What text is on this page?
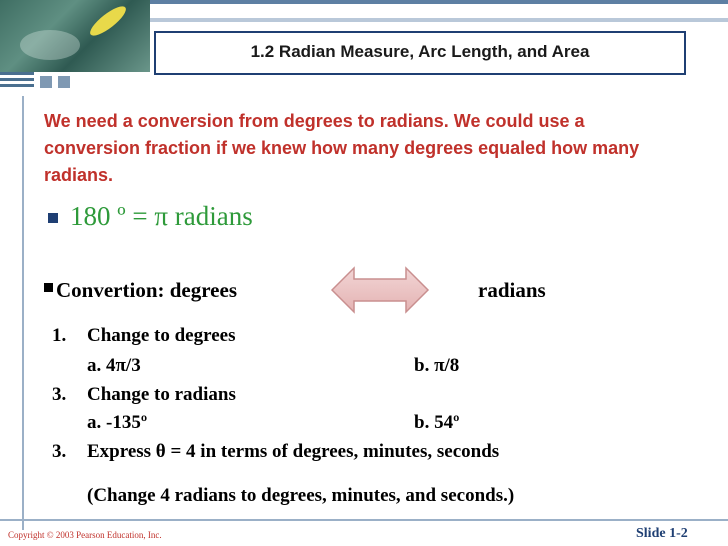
1.2 Radian Measure, Arc Length, and Area
We need a conversion from degrees to radians. We could use a conversion fraction if we knew how many degrees equaled how many radians.
180 º = π radians
Convertion: degrees	radians
1. Change to degrees
a. 4π/3	b. π/8
3. Change to radians
a. -135º	b. 54º
3. Express θ = 4 in terms of degrees, minutes, seconds
(Change 4 radians to degrees, minutes, and seconds.)
Copyright © 2003 Pearson Education, Inc.	Slide 1-2
